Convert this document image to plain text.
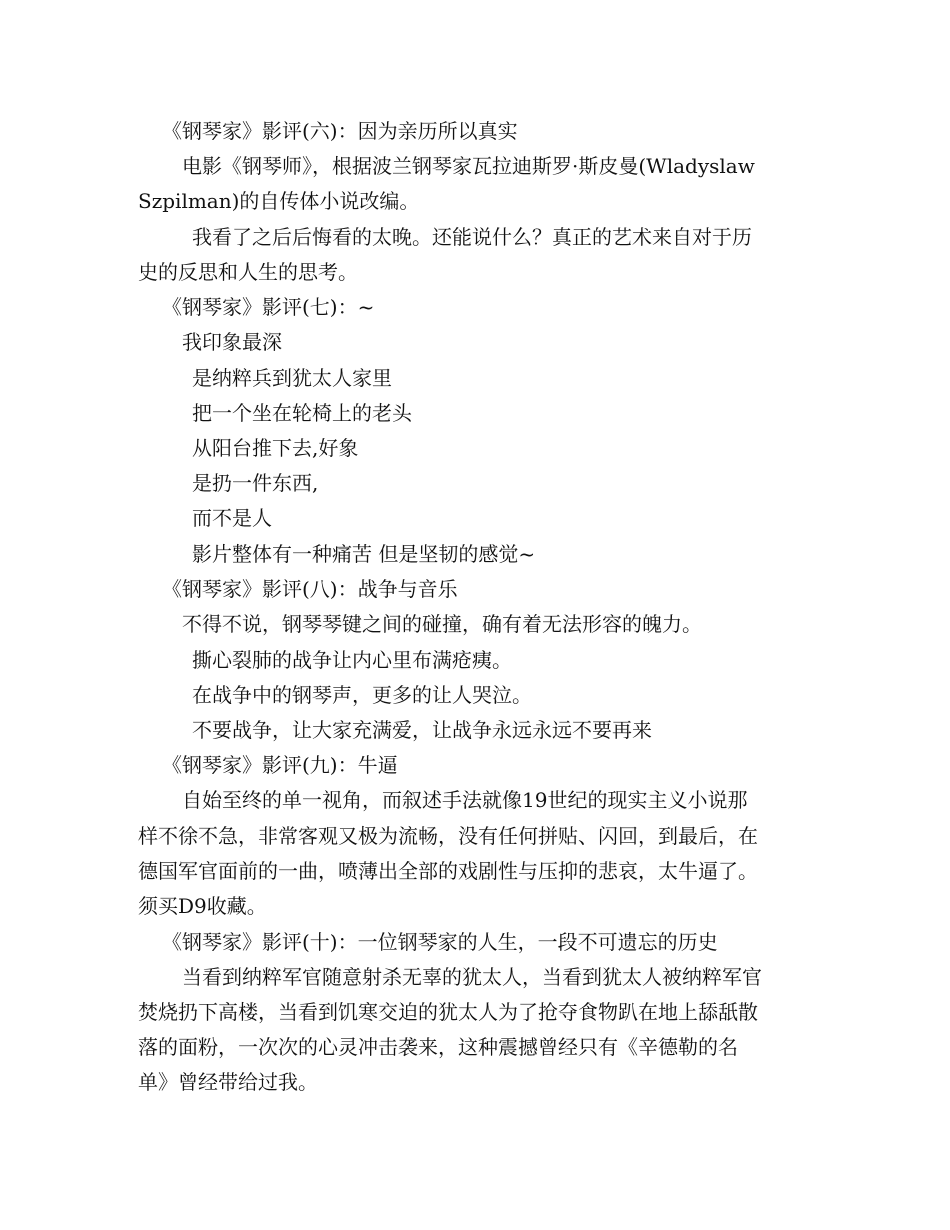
《钢琴家》影评(六)：因为亲历所以真实
电影《钢琴师》，根据波兰钢琴家瓦拉迪斯罗·斯皮曼(Wladyslaw
Szpilman)的自传体小说改编。
我看了之后后悔看的太晚。还能说什么？真正的艺术来自对于历
史的反思和人生的思考。
《钢琴家》影评(七)：~
我印象最深
是纳粹兵到犹太人家里
把一个坐在轮椅上的老头
从阳台推下去,好象
是扔一件东西,
而不是人
影片整体有一种痛苦 但是坚韧的感觉~
《钢琴家》影评(八)：战争与音乐
不得不说，钢琴琴键之间的碰撞，确有着无法形容的魄力。
撕心裂肺的战争让内心里布满疮痍。
在战争中的钢琴声，更多的让人哭泣。
不要战争，让大家充满爱，让战争永远永远不要再来
《钢琴家》影评(九)：牛逼
自始至终的单一视角，而叙述手法就像19世纪的现实主义小说那
样不徐不急，非常客观又极为流畅，没有任何拼贴、闪回，到最后，在
德国军官面前的一曲，喷薄出全部的戏剧性与压抑的悲哀，太牛逼了。
须买D9收藏。
《钢琴家》影评(十)：一位钢琴家的人生，一段不可遗忘的历史
当看到纳粹军官随意射杀无辜的犹太人，当看到犹太人被纳粹军官
焚烧扔下高楼，当看到饥寒交迫的犹太人为了抢夺食物趴在地上舔舐散
落的面粉，一次次的心灵冲击袭来，这种震撼曾经只有《辛德勒的名
单》曾经带给过我。
